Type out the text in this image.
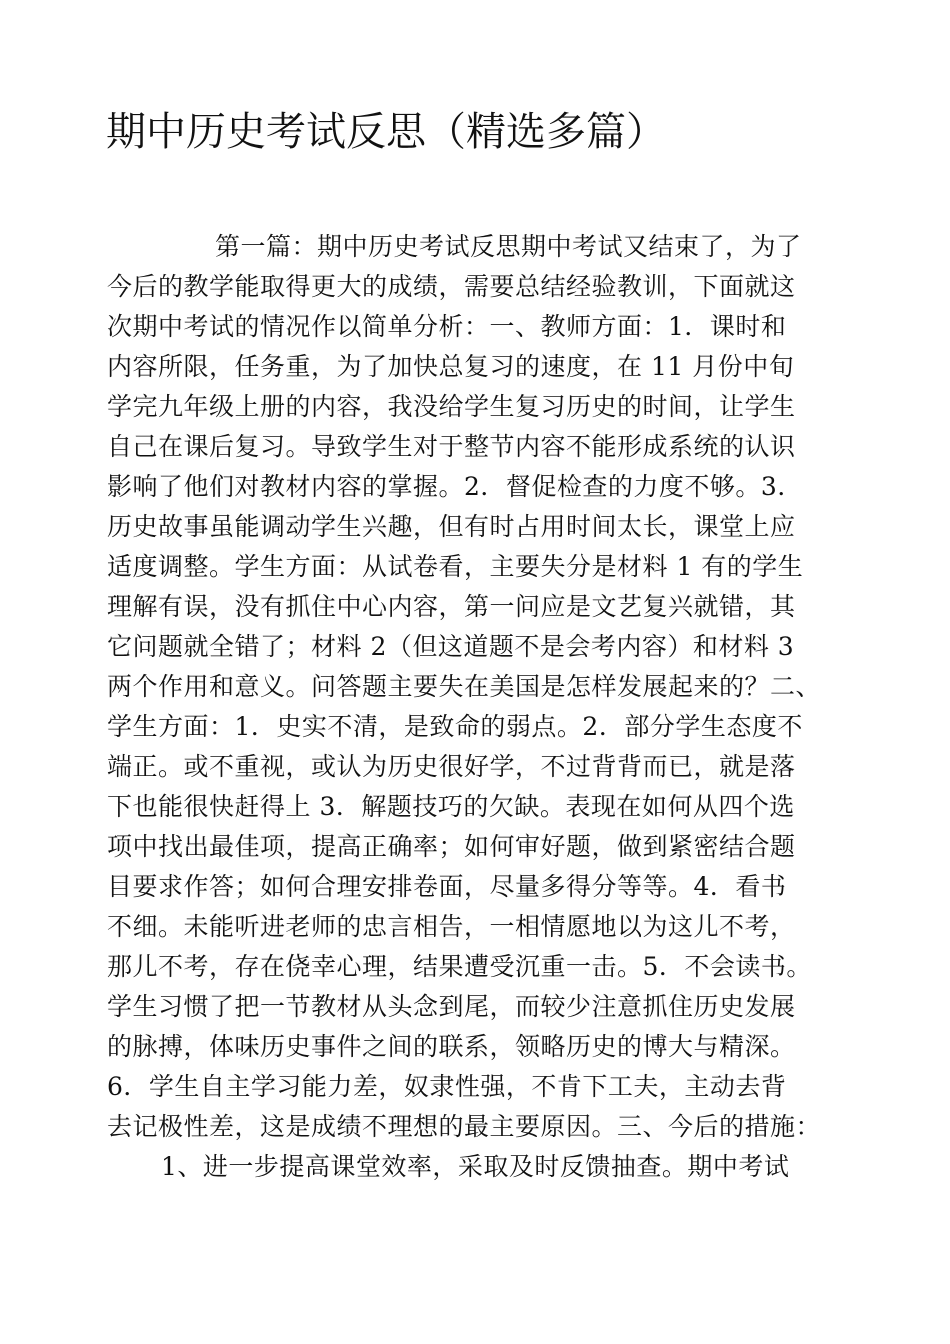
期中历史考试反思（精选多篇）
第一篇：期中历史考试反思期中考试又结束了，为了
今后的教学能取得更大的成绩，需要总结经验教训，下面就这
次期中考试的情况作以简单分析：一、教师方面：1．课时和
内容所限，任务重，为了加快总复习的速度，在 11 月份中旬
学完九年级上册的内容，我没给学生复习历史的时间，让学生
自己在课后复习。导致学生对于整节内容不能形成系统的认识
影响了他们对教材内容的掌握。2．督促检查的力度不够。3．
历史故事虽能调动学生兴趣，但有时占用时间太长，课堂上应
适度调整。学生方面：从试卷看，主要失分是材料 1 有的学生
理解有误，没有抓住中心内容，第一问应是文艺复兴就错，其
它问题就全错了；材料 2（但这道题不是会考内容）和材料 3
两个作用和意义。问答题主要失在美国是怎样发展起来的？二、
学生方面：1．史实不清，是致命的弱点。2．部分学生态度不
端正。或不重视，或认为历史很好学，不过背背而已，就是落
下也能很快赶得上 3．解题技巧的欠缺。表现在如何从四个选
项中找出最佳项，提高正确率；如何审好题，做到紧密结合题
目要求作答；如何合理安排卷面，尽量多得分等等。4．看书
不细。未能听进老师的忠言相告，一相情愿地以为这儿不考，
那儿不考，存在侥幸心理，结果遭受沉重一击。5．不会读书。
学生习惯了把一节教材从头念到尾，而较少注意抓住历史发展
的脉搏，体味历史事件之间的联系，领略历史的博大与精深。
6．学生自主学习能力差，奴隶性强，不肯下工夫，主动去背
去记极性差，这是成绩不理想的最主要原因。三、今后的措施：
1、进一步提高课堂效率，采取及时反馈抽查。期中考试
